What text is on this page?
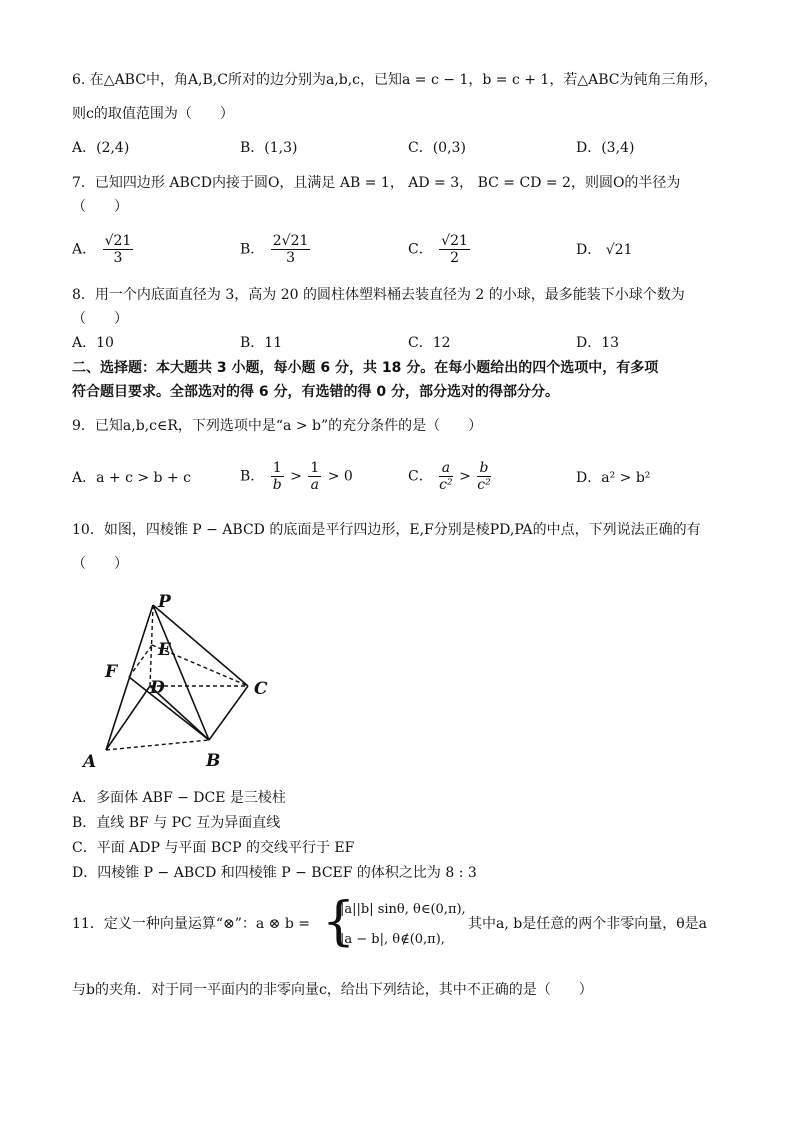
6. 在△ABC中，角A,B,C所对的边分别为a,b,c，已知a = c − 1，b = c + 1，若△ABC为钝角三角形，
则c的取值范围为（　　）
A．(2,4)	B．(1,3)	C．(0,3)	D．(3,4)
7．已知四边形 ABCD内接于圆O，且满足 AB = 1， AD = 3， BC = CD = 2，则圆O的半径为
（　　）
A． $\frac{√21}{3}$	B． $\frac{2√21}{3}$	C． $\frac{√21}{2}$	D． √21
8．用一个内底面直径为 3，高为 20 的圆柱体塑料桶去装直径为 2 的小球，最多能装下小球个数为
（　　）
A．10	B．11	C．12	D．13
二、选择题：本大题共 3 小题，每小题 6 分，共 18 分。在每小题给出的四个选项中，有多项
符合题目要求。全部选对的得 6 分，有选错的得 0 分，部分选对的得部分分。
9．已知a,b,c∈R，下列选项中是“a > b”的充分条件的是（　　）
A．a + c > b + c	B． $\frac{1}{b} > \frac{1}{a} > 0$	C． $\frac{a}{\text{c²}} > \frac{b}{\text{c²}}$	D．a² > b²
10．如图，四棱锥 P − ABCD 的底面是平行四边形，E,F分别是棱PD,PA的中点，下列说法正确的有
（　　）
P
E
F
D	C
A	B
A．多面体 ABF − DCE 是三棱柱
B．直线 BF 与 PC 互为异面直线
C．平面 ADP 与平面 BCP 的交线平行于 EF
D．四棱锥 P − ABCD 和四棱锥 P − BCEF 的体积之比为 8 : 3
11．定义一种向量运算“⊗”：a ⊗ b = {
|a||b| sinθ, θ∈(0,π),
|a − b|, θ∉(0,π),
其中a, b是任意的两个非零向量，θ是a
与b的夹角．对于同一平面内的非零向量c，给出下列结论，其中不正确的是（　　）
